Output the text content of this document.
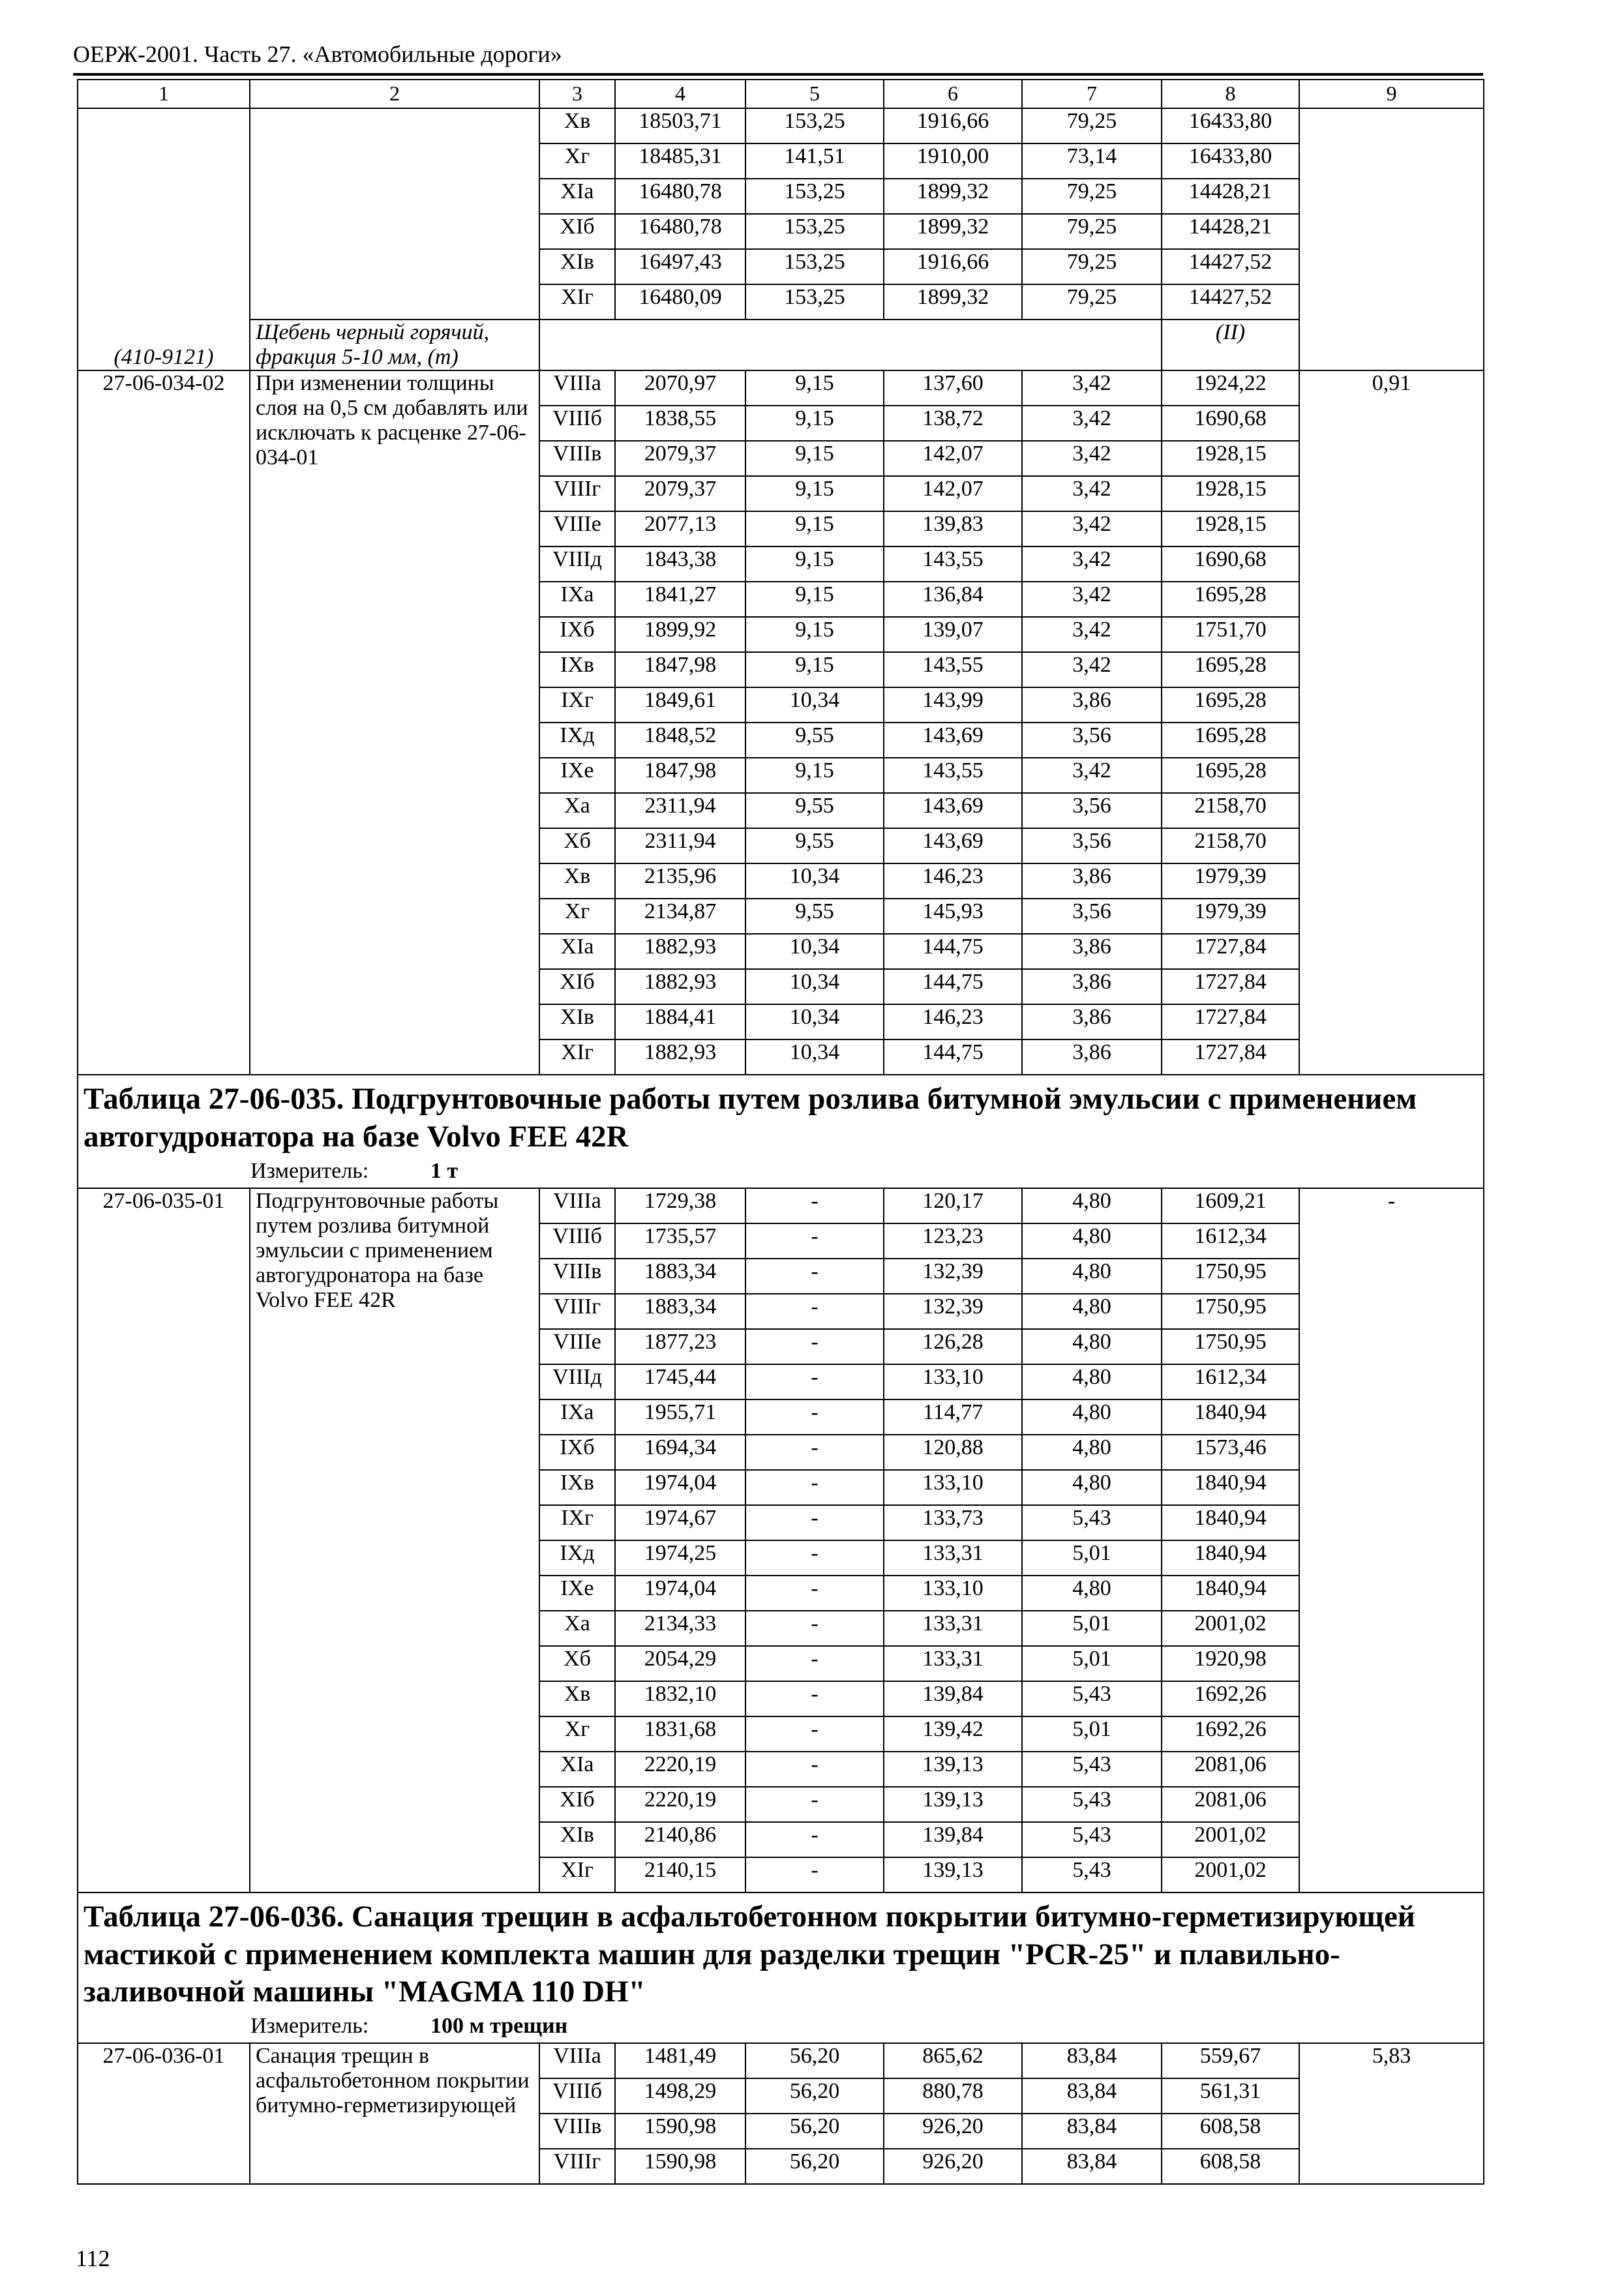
ОЕРЖ-2001. Часть 27. «Автомобильные дороги»
1	2	3	4	5	6	7	8	9
(410-9121)		Хв	18503,71	153,25	1916,66	79,25	16433,80	
		Хг	18485,31	141,51	1910,00	73,14	16433,80	
		XIа	16480,78	153,25	1899,32	79,25	14428,21	
		XIб	16480,78	153,25	1899,32	79,25	14428,21	
		XIв	16497,43	153,25	1916,66	79,25	14427,52	
		XIг	16480,09	153,25	1899,32	79,25	14427,52	
	Щебень черный горячий, фракция 5-10 мм, (т)						(II)	
27-06-034-02	При изменении толщины слоя на 0,5 см добавлять или исключать к расценке 27-06-034-01	VIIIа	2070,97	9,15	137,60	3,42	1924,22	0,91
		VIIIб	1838,55	9,15	138,72	3,42	1690,68	
		VIIIв	2079,37	9,15	142,07	3,42	1928,15	
		VIIIг	2079,37	9,15	142,07	3,42	1928,15	
		VIIIе	2077,13	9,15	139,83	3,42	1928,15	
		VIIIд	1843,38	9,15	143,55	3,42	1690,68	
		IXа	1841,27	9,15	136,84	3,42	1695,28	
		IXб	1899,92	9,15	139,07	3,42	1751,70	
		IXв	1847,98	9,15	143,55	3,42	1695,28	
		IXг	1849,61	10,34	143,99	3,86	1695,28	
		IXд	1848,52	9,55	143,69	3,56	1695,28	
		IXе	1847,98	9,15	143,55	3,42	1695,28	
		Ха	2311,94	9,55	143,69	3,56	2158,70	
		Хб	2311,94	9,55	143,69	3,56	2158,70	
		Хв	2135,96	10,34	146,23	3,86	1979,39	
		Хг	2134,87	9,55	145,93	3,56	1979,39	
		XIа	1882,93	10,34	144,75	3,86	1727,84	
		XIб	1882,93	10,34	144,75	3,86	1727,84	
		XIв	1884,41	10,34	146,23	3,86	1727,84	
		XIг	1882,93	10,34	144,75	3,86	1727,84	

Таблица 27-06-035. Подгрунтовочные работы путем розлива битумной эмульсии с применением автогудронатора на базе Volvo FEE 42R
Измеритель: 1 т								

27-06-035-01	Подгрунтовочные работы путем розлива битумной эмульсии с применением автогудронатора на базе Volvo FEE 42R	VIIIа	1729,38	-	120,17	4,80	1609,21	-
		VIIIб	1735,57	-	123,23	4,80	1612,34	
		VIIIв	1883,34	-	132,39	4,80	1750,95	
		VIIIг	1883,34	-	132,39	4,80	1750,95	
		VIIIе	1877,23	-	126,28	4,80	1750,95	
		VIIIд	1745,44	-	133,10	4,80	1612,34	
		IXа	1955,71	-	114,77	4,80	1840,94	
		IXб	1694,34	-	120,88	4,80	1573,46	
		IXв	1974,04	-	133,10	4,80	1840,94	
		IXг	1974,67	-	133,73	5,43	1840,94	
		IXд	1974,25	-	133,31	5,01	1840,94	
		IXе	1974,04	-	133,10	4,80	1840,94	
		Ха	2134,33	-	133,31	5,01	2001,02	
		Хб	2054,29	-	133,31	5,01	1920,98	
		Хв	1832,10	-	139,84	5,43	1692,26	
		Хг	1831,68	-	139,42	5,01	1692,26	
		XIа	2220,19	-	139,13	5,43	2081,06	
		XIб	2220,19	-	139,13	5,43	2081,06	
		XIв	2140,86	-	139,84	5,43	2001,02	
		XIг	2140,15	-	139,13	5,43	2001,02	

Таблица 27-06-036. Санация трещин в асфальтобетонном покрытии битумно-герметизирующей мастикой с применением комплекта машин для разделки трещин "PCR-25" и плавильно-заливочной машины "MAGMA 110 DH"
Измеритель: 100 м трещин								

27-06-036-01	Санация трещин в асфальтобетонном покрытии битумно-герметизирующей	VIIIа	1481,49	56,20	865,62	83,84	559,67	5,83
		VIIIб	1498,29	56,20	880,78	83,84	561,31	
		VIIIв	1590,98	56,20	926,20	83,84	608,58	
		VIIIг	1590,98	56,20	926,20	83,84	608,58	
112
